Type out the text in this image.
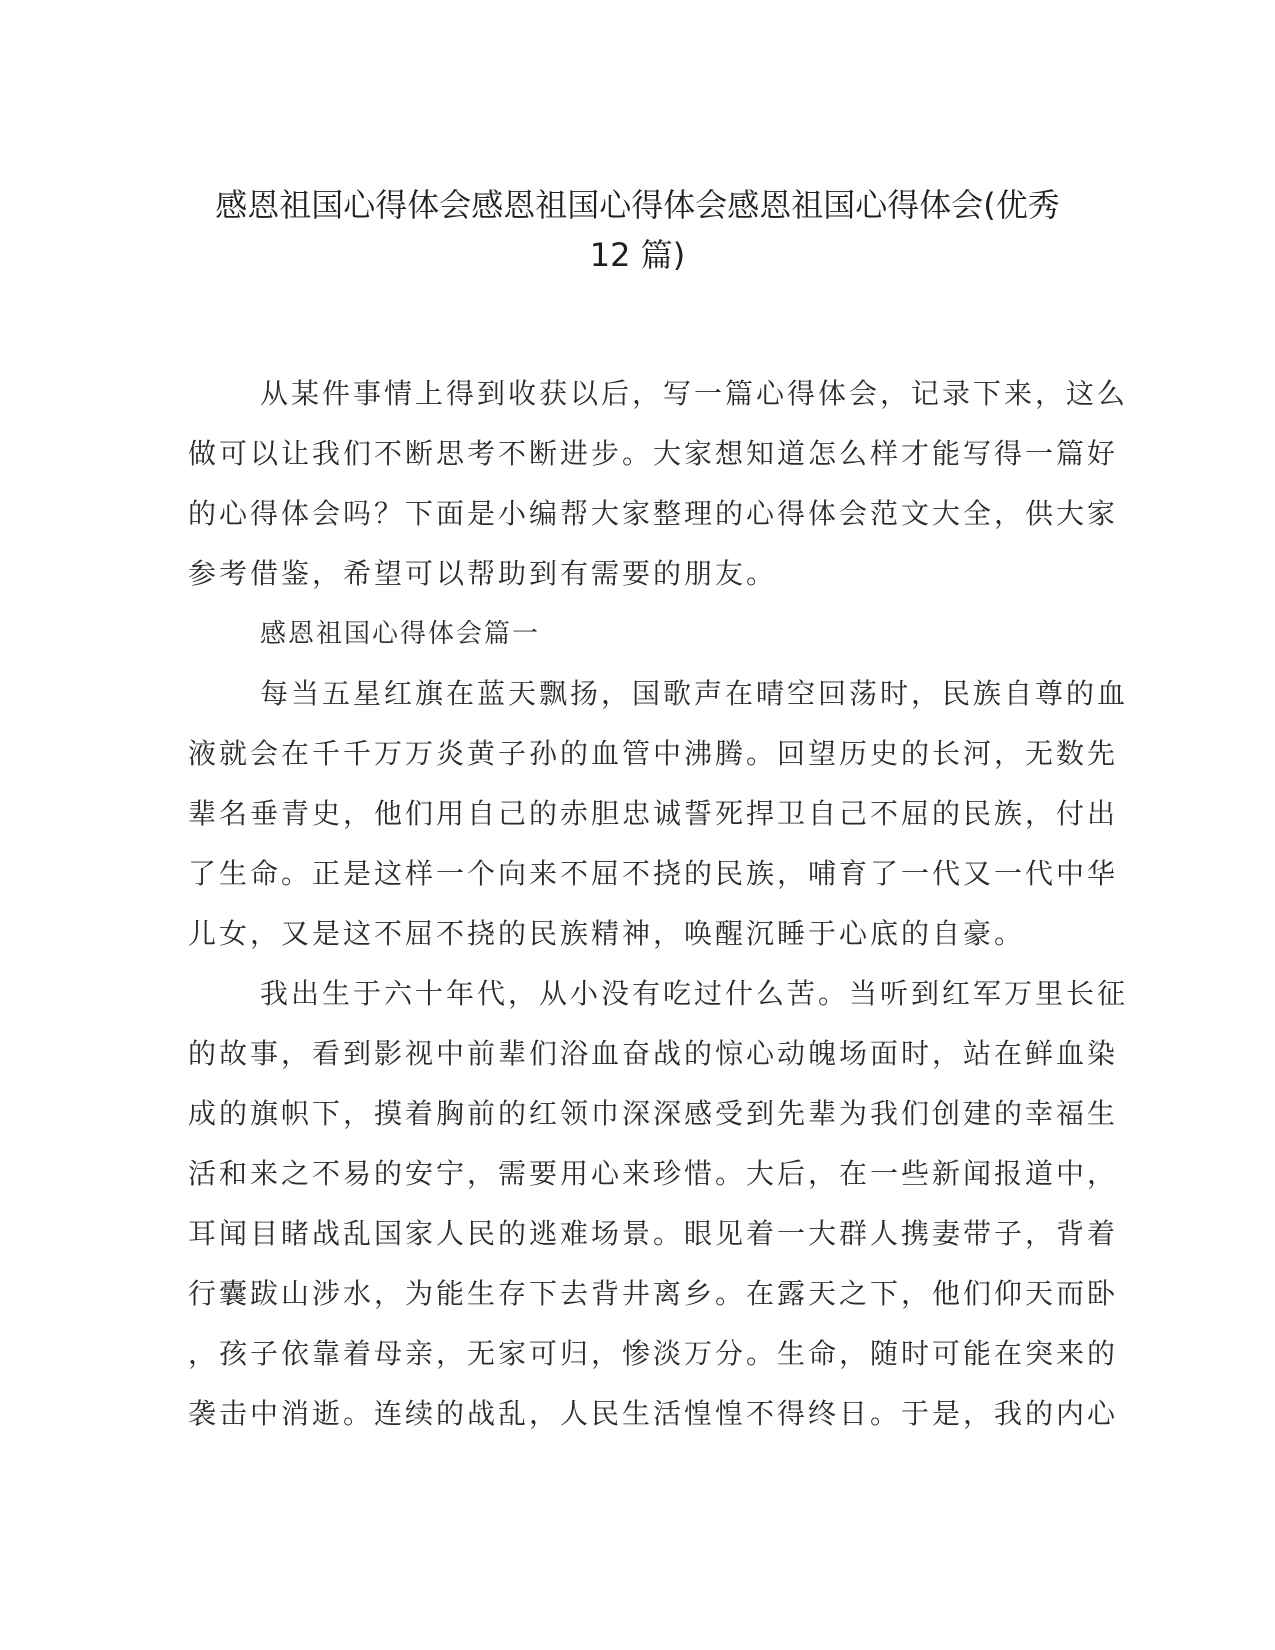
感恩祖国心得体会感恩祖国心得体会感恩祖国心得体会(优秀
12 篇)
从某件事情上得到收获以后，写一篇心得体会，记录下来，这么
做可以让我们不断思考不断进步。大家想知道怎么样才能写得一篇好
的心得体会吗？下面是小编帮大家整理的心得体会范文大全，供大家
参考借鉴，希望可以帮助到有需要的朋友。
感恩祖国心得体会篇一
每当五星红旗在蓝天飘扬，国歌声在晴空回荡时，民族自尊的血
液就会在千千万万炎黄子孙的血管中沸腾。回望历史的长河，无数先
辈名垂青史，他们用自己的赤胆忠诚誓死捍卫自己不屈的民族，付出
了生命。正是这样一个向来不屈不挠的民族，哺育了一代又一代中华
儿女，又是这不屈不挠的民族精神，唤醒沉睡于心底的自豪。
我出生于六十年代，从小没有吃过什么苦。当听到红军万里长征
的故事，看到影视中前辈们浴血奋战的惊心动魄场面时，站在鲜血染
成的旗帜下，摸着胸前的红领巾深深感受到先辈为我们创建的幸福生
活和来之不易的安宁，需要用心来珍惜。大后，在一些新闻报道中，
耳闻目睹战乱国家人民的逃难场景。眼见着一大群人携妻带子，背着
行囊跋山涉水，为能生存下去背井离乡。在露天之下，他们仰天而卧
，孩子依靠着母亲，无家可归，惨淡万分。生命，随时可能在突来的
袭击中消逝。连续的战乱，人民生活惶惶不得终日。于是，我的内心
